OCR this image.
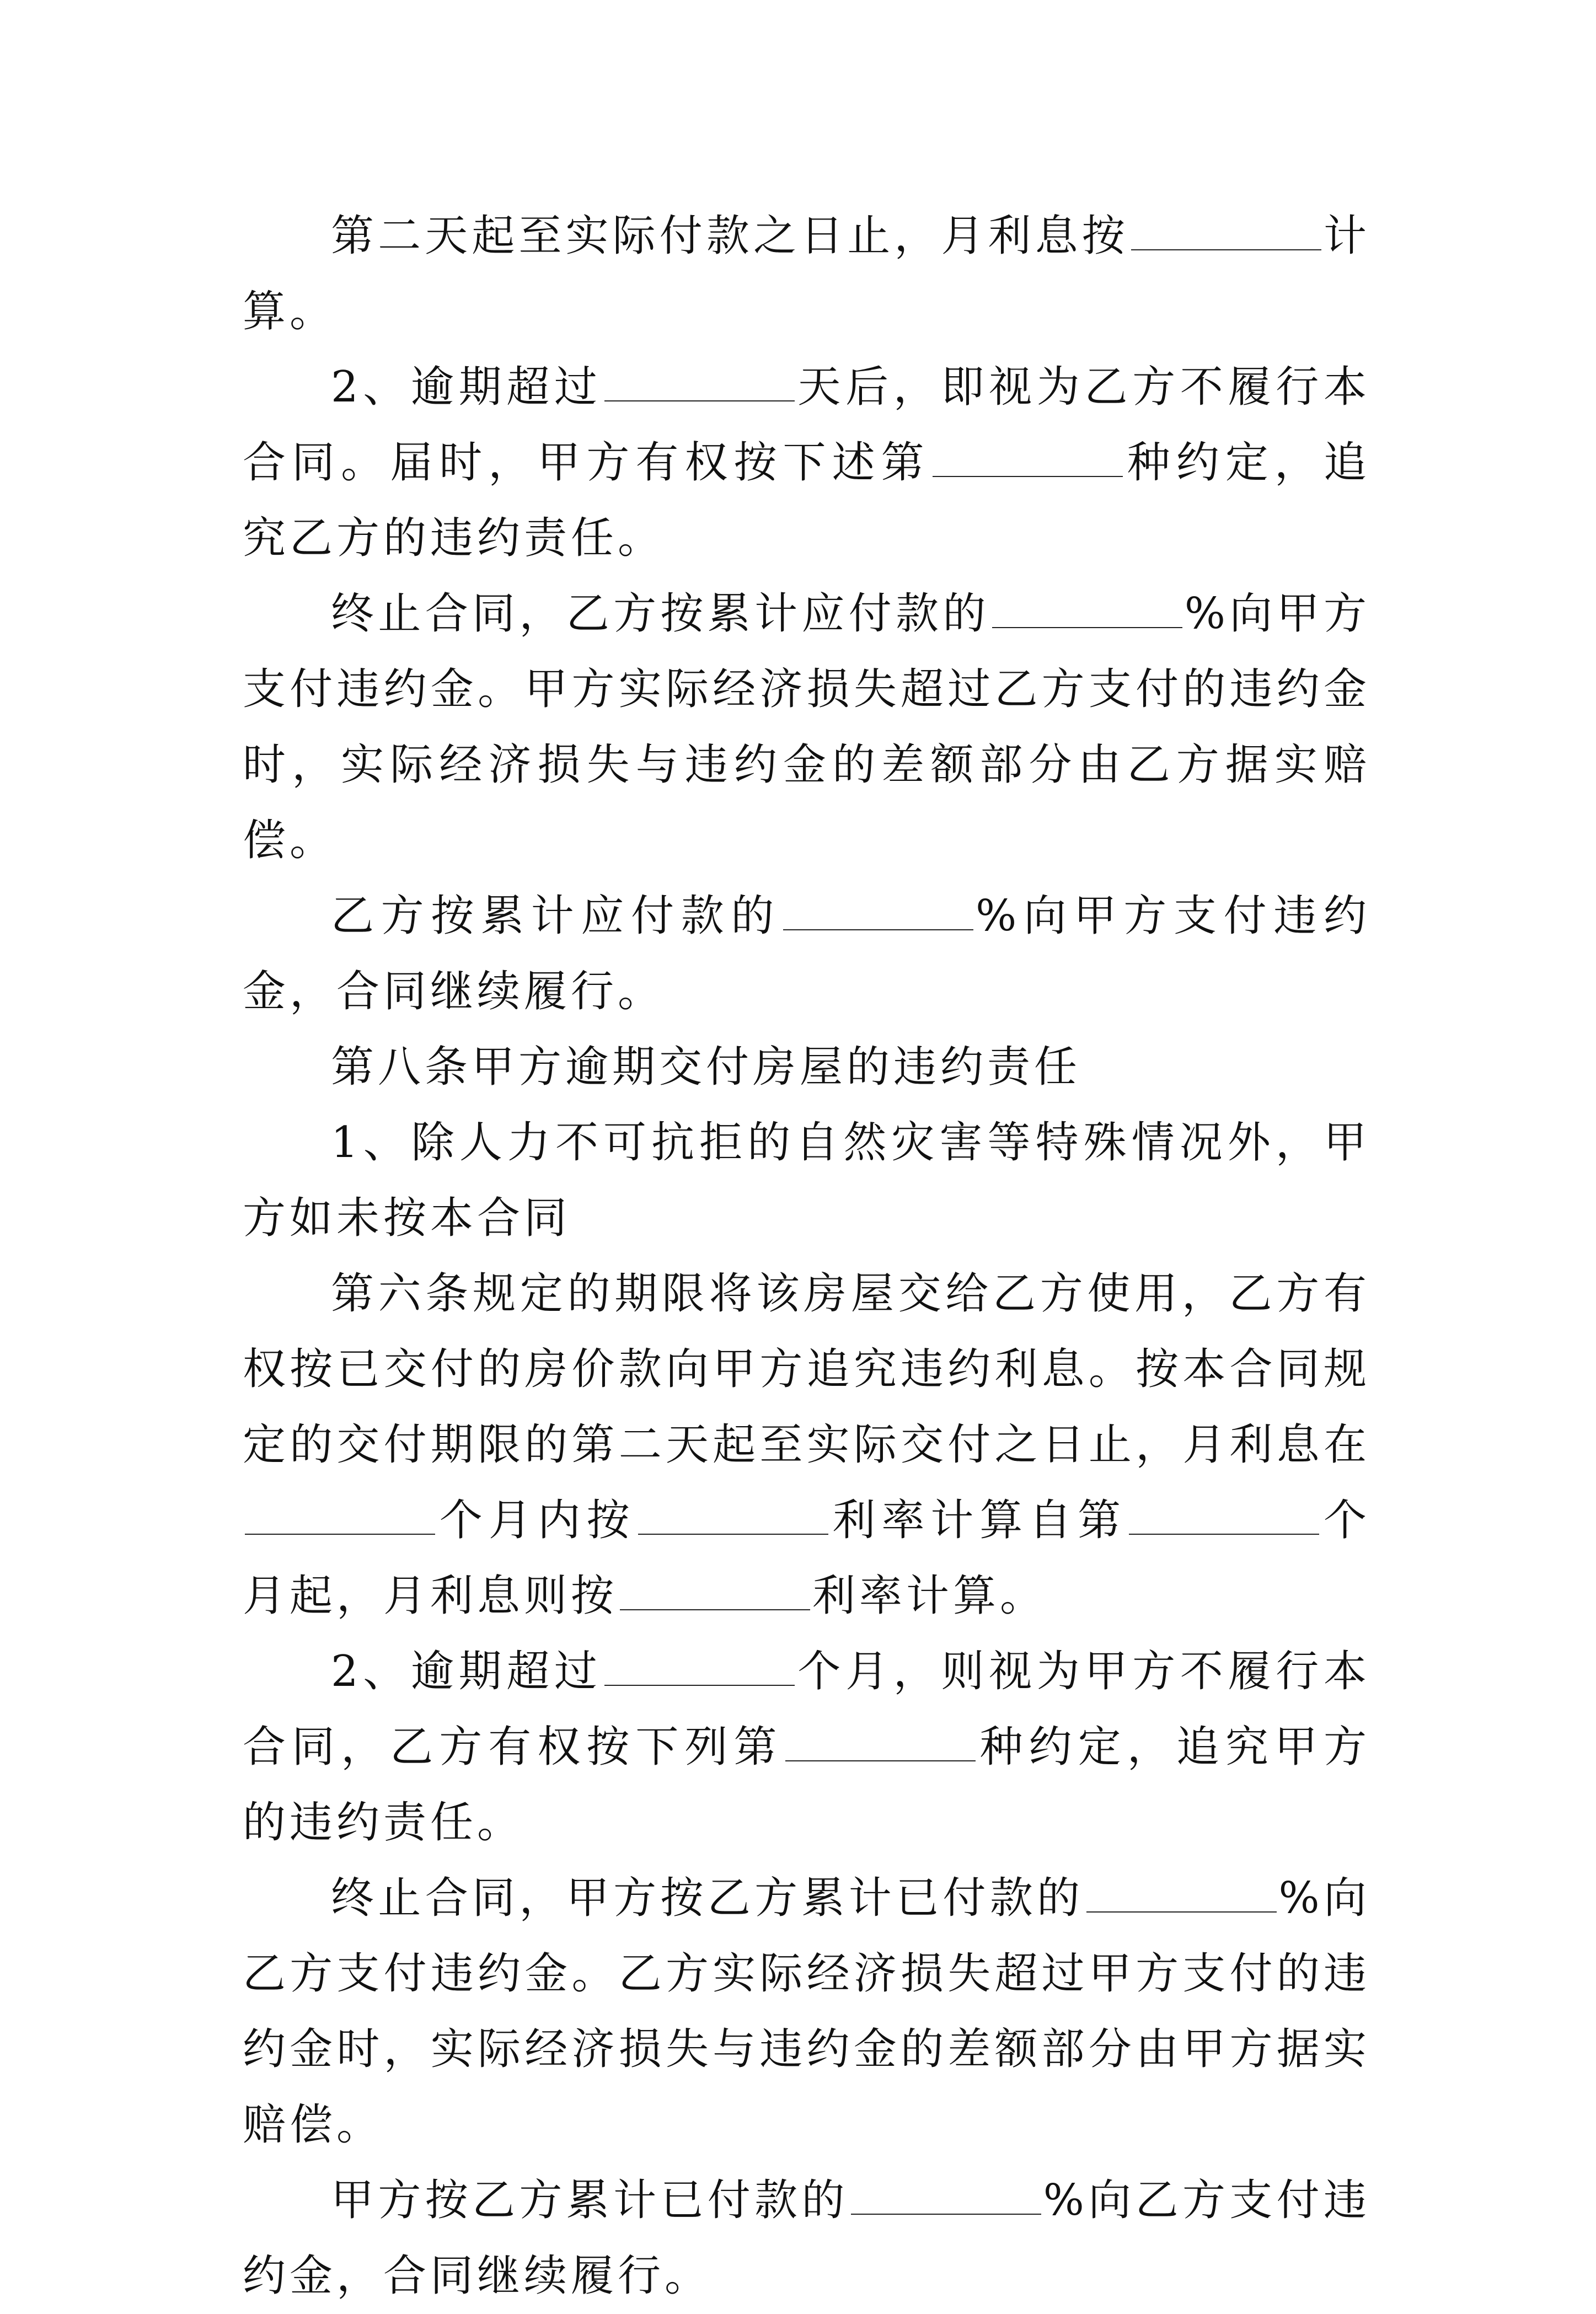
第二天起至实际付款之日止，月利息按	计算。

2、逾期超过	天后，即视为乙方不履行本合同。届时，甲方有权按下述第	种约定，追究乙方的违约责任。

终止合同，乙方按累计应付款的	%向甲方支付违约金。甲方实际经济损失超过乙方支付的违约金时，实际经济损失与违约金的差额部分由乙方据实赔偿。

乙方按累计应付款的	%向甲方支付违约金，合同继续履行。

第八条甲方逾期交付房屋的违约责任

1、除人力不可抗拒的自然灾害等特殊情况外，甲方如未按本合同

第六条规定的期限将该房屋交给乙方使用，乙方有权按已交付的房价款向甲方追究违约利息。按本合同规定的交付期限的第二天起至实际交付之日止，月利息在个月内按	利率计算自第	个月起，月利息则按	利率计算。

2、逾期超过	个月，则视为甲方不履行本合同，乙方有权按下列第	种约定，追究甲方的违约责任。

终止合同，甲方按乙方累计已付款的	%向乙方支付违约金。乙方实际经济损失超过甲方支付的违约金时，实际经济损失与违约金的差额部分由甲方据实赔偿。

甲方按乙方累计已付款的	%向乙方支付违约金，合同继续履行。
